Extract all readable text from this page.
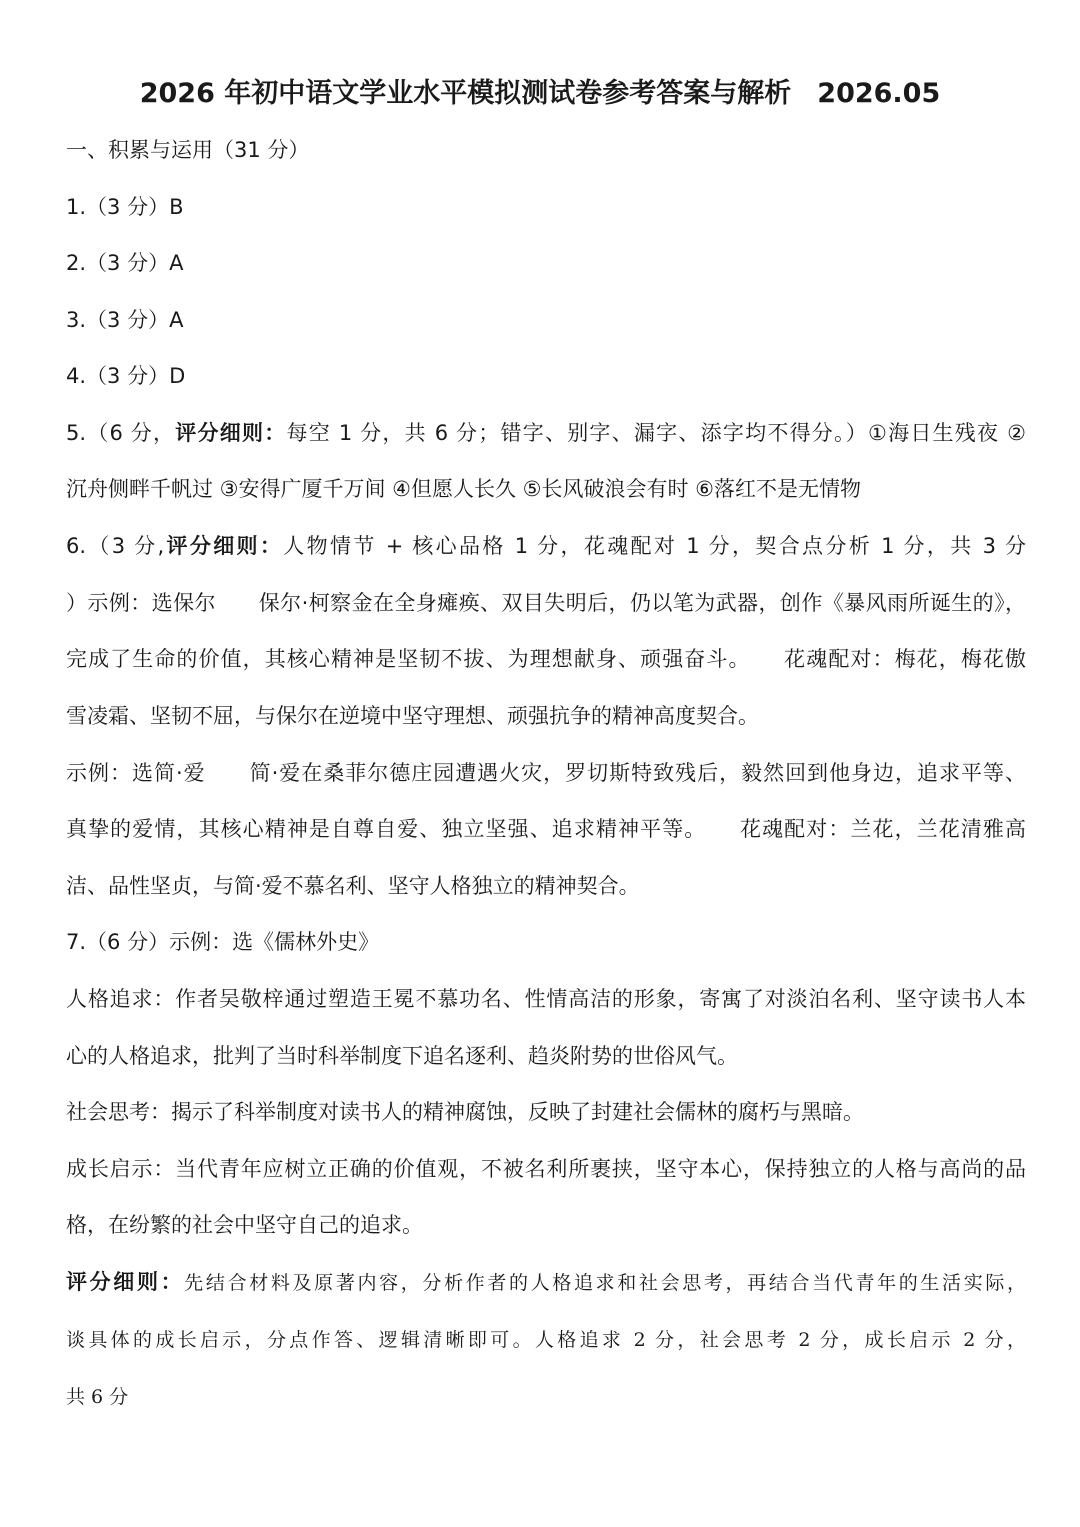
2026 年初中语文学业水平模拟测试卷参考答案与解析 2026.05
一、积累与运用（31 分）
1.（3 分）B
2.（3 分）A
3.（3 分）A
4.（3 分）D
5.（6 分，评分细则：每空 1 分，共 6 分；错字、别字、漏字、添字均不得分。）①海日生残夜 ②
沉舟侧畔千帆过 ③安得广厦千万间 ④但愿人长久 ⑤长风破浪会有时 ⑥落红不是无情物
6.（3 分,评分细则：人物情节 + 核心品格 1 分，花魂配对 1 分，契合点分析 1 分，共 3 分
）示例：选保尔　　保尔·柯察金在全身瘫痪、双目失明后，仍以笔为武器，创作《暴风雨所诞生的》，
完成了生命的价值，其核心精神是坚韧不拔、为理想献身、顽强奋斗。　　花魂配对：梅花，梅花傲
雪凌霜、坚韧不屈，与保尔在逆境中坚守理想、顽强抗争的精神高度契合。
示例：选简·爱　　简·爱在桑菲尔德庄园遭遇火灾，罗切斯特致残后，毅然回到他身边，追求平等、
真挚的爱情，其核心精神是自尊自爱、独立坚强、追求精神平等。　　花魂配对：兰花，兰花清雅高
洁、品性坚贞，与简·爱不慕名利、坚守人格独立的精神契合。
7.（6 分）示例：选《儒林外史》
人格追求：作者吴敬梓通过塑造王冕不慕功名、性情高洁的形象，寄寓了对淡泊名利、坚守读书人本
心的人格追求，批判了当时科举制度下追名逐利、趋炎附势的世俗风气。
社会思考：揭示了科举制度对读书人的精神腐蚀，反映了封建社会儒林的腐朽与黑暗。
成长启示：当代青年应树立正确的价值观，不被名利所裹挟，坚守本心，保持独立的人格与高尚的品
格，在纷繁的社会中坚守自己的追求。
评分细则：先结合材料及原著内容，分析作者的人格追求和社会思考，再结合当代青年的生活实际，
谈具体的成长启示，分点作答、逻辑清晰即可。人格追求 2 分，社会思考 2 分，成长启示 2 分，
共 6 分
